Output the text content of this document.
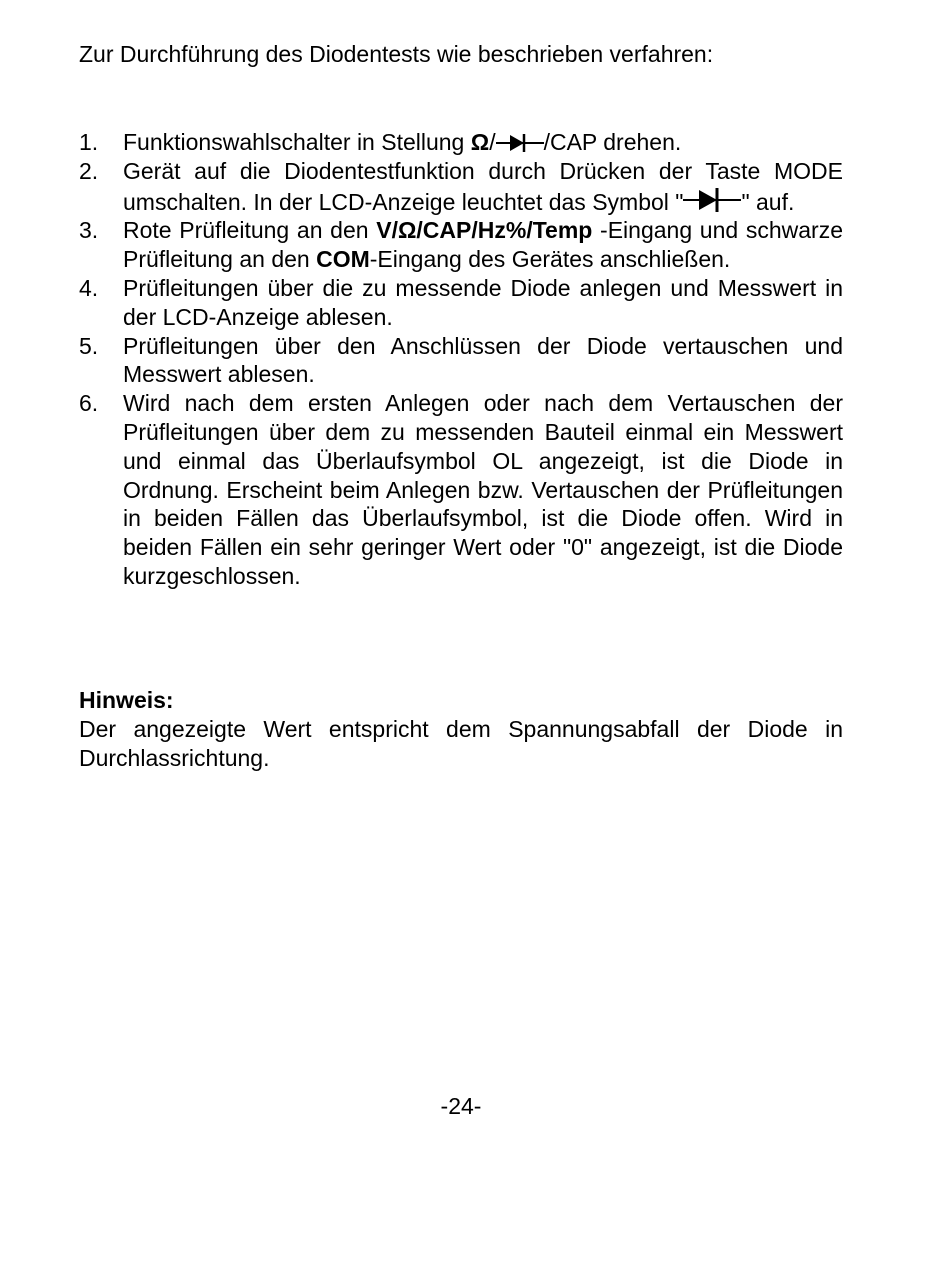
Zur Durchführung des Diodentests wie beschrieben verfahren:

1. Funktionswahlschalter in Stellung Ω/ /CAP drehen.
2. Gerät auf die Diodentestfunktion durch Drücken der Taste MODE umschalten. In der LCD-Anzeige leuchtet das Symbol "	" auf.
3. Rote Prüfleitung an den V/Ω/CAP/Hz%/Temp -Eingang und schwarze Prüfleitung an den COM-Eingang des Gerätes anschließen.
4. Prüfleitungen über die zu messende Diode anlegen und Messwert in der LCD-Anzeige ablesen.
5. Prüfleitungen über den Anschlüssen der Diode vertauschen und Messwert ablesen.
6. Wird nach dem ersten Anlegen oder nach dem Vertauschen der Prüfleitungen über dem zu messenden Bauteil einmal ein Messwert und einmal das Überlaufsymbol OL angezeigt, ist die Diode in Ordnung. Erscheint beim Anlegen bzw. Vertauschen der Prüfleitungen in beiden Fällen das Überlaufsymbol, ist die Diode offen. Wird in beiden Fällen ein sehr geringer Wert oder "0" angezeigt, ist die Diode kurzgeschlossen.

Hinweis:

Der angezeigte Wert entspricht dem Spannungsabfall der Diode in Durchlassrichtung.

-24-
